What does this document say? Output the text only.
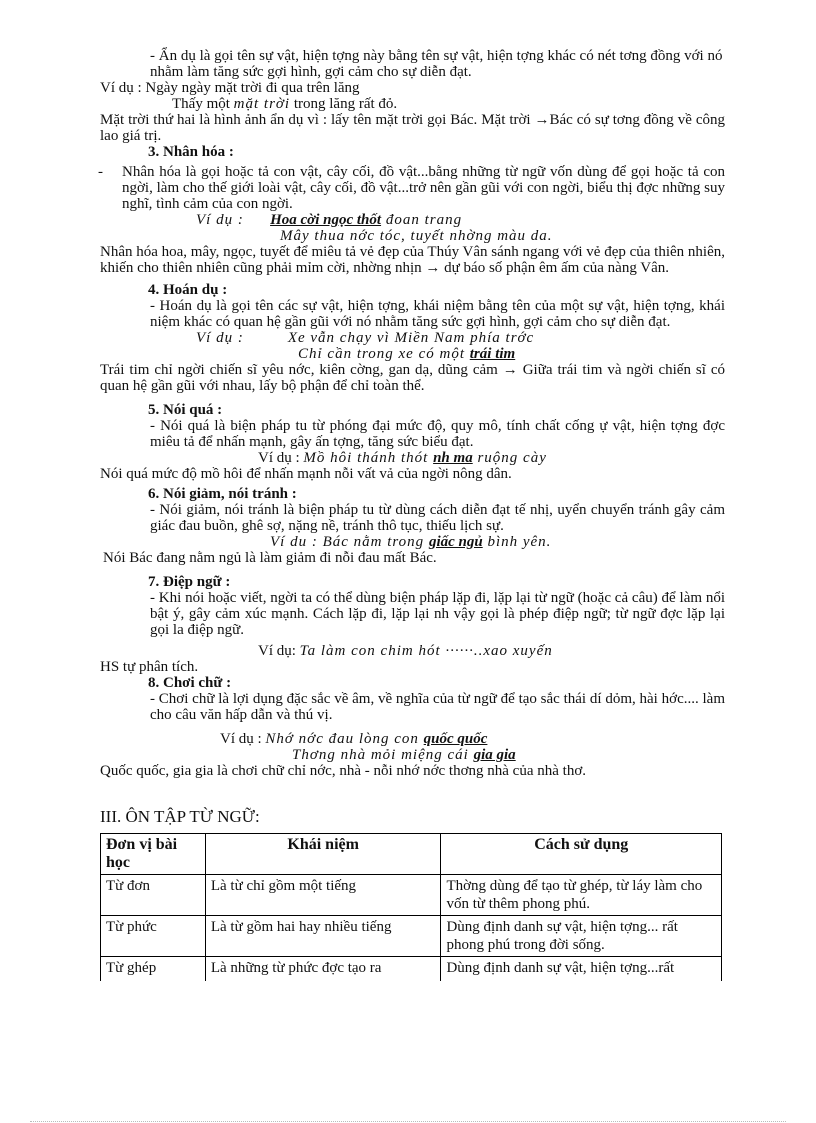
- Ẩn dụ là gọi tên sự vật, hiện tợng này bằng tên sự vật, hiện tợng khác có nét tơng đồng với nó nhằm làm tăng sức gợi hình, gợi cảm cho sự diễn đạt.

Ví dụ : Ngày ngày mặt trời đi qua trên lăng

Thấy một mặt trời trong lăng rất đỏ.

Mặt trời thứ hai là hình ảnh ẩn dụ vì : lấy tên mặt trời gọi Bác. Mặt trời →Bác có sự tơng đồng về công lao giá trị.

3. Nhân hóa :

-	Nhân hóa là gọi hoặc tả con vật, cây cối, đồ vật...bằng những từ ngữ vốn dùng để gọi hoặc tả con ngời, làm cho thế giới loài vật, cây cối, đồ vật...trở nên gần gũi với con ngời, biểu thị đợc những suy nghĩ, tình cảm của con ngời.

Ví dụ : Hoa cời ngọc thốt đoan trang

Mây thua nớc tóc, tuyết nhờng màu da.

Nhân hóa hoa, mây, ngọc, tuyết để miêu tả vẻ đẹp của Thúy Vân sánh ngang với vẻ đẹp của thiên nhiên, khiến cho thiên nhiên cũng phải mỉm cời, nhờng nhịn → dự báo số phận êm ấm của nàng Vân.

4. Hoán dụ :

- Hoán dụ là gọi tên các sự vật, hiện tợng, khái niệm bằng tên của một sự vật, hiện tợng, khái niệm khác có quan hệ gần gũi với nó nhằm tăng sức gợi hình, gợi cảm cho sự diễn đạt.

Ví dụ :	Xe vẫn chạy vì Miền Nam phía trớc

Chỉ cần trong xe có một trái tim

Trái tim chỉ ngời chiến sĩ yêu nớc, kiên cờng, gan dạ, dũng cảm → Giữa trái tim và ngời chiến sĩ có quan hệ gần gũi với nhau, lấy bộ phận để chỉ toàn thể.

5. Nói quá :

- Nói quá là biện pháp tu từ phóng đại mức độ, quy mô, tính chất cống ự vật, hiện tợng đợc miêu tả để nhấn mạnh, gây ấn tợng, tăng sức biểu đạt.

Ví dụ : Mồ hôi thánh thót nh ma ruộng cày

Nói quá mức độ mồ hôi để nhấn mạnh nỗi vất vả của ngời nông dân.

6. Nói giảm, nói tránh :

- Nói giảm, nói tránh là biện pháp tu từ dùng cách diễn đạt tế nhị, uyển chuyển tránh gây cảm giác đau buồn, ghê sợ, nặng nề, tránh thô tục, thiếu lịch sự.

Ví du : Bác nằm trong giấc ngủ bình yên.

Nói Bác đang nằm ngủ là làm giảm đi nỗi đau mất Bác.

7. Điệp ngữ :

- Khi nói hoặc viết, ngời ta có thể dùng biện pháp lặp đi, lặp lại từ ngữ (hoặc cả câu) để làm nổi bật ý, gây cảm xúc mạnh. Cách lặp đi, lặp lại nh vậy gọi là phép điệp ngữ; từ ngữ đợc lặp lại gọi la điệp ngữ.

Ví dụ: Ta làm con chim hót ······..xao xuyến

HS tự phân tích.

8. Chơi chữ :

- Chơi chữ là lợi dụng đặc sắc về âm, về nghĩa của từ ngữ để tạo sắc thái dí dỏm, hài hớc.... làm cho câu văn hấp dẫn và thú vị.

Ví dụ : Nhớ nớc đau lòng con quốc quốc

Thơng nhà mỏi miệng cái gia gia

Quốc quốc, gia gia là chơi chữ chỉ nớc, nhà - nỗi nhớ nớc thơng nhà của nhà thơ.

III. ÔN TẬP TỪ NGỮ:

Đơn vị bài học	Khái niệm	Cách sử dụng
Từ đơn	Là từ chỉ gồm một tiếng	Thờng dùng để tạo từ ghép, từ láy làm cho vốn từ thêm phong phú.
Từ phức	Là từ gồm hai hay nhiều tiếng	Dùng định danh sự vật, hiện tợng... rất phong phú trong đời sống.
Từ ghép	Là những từ phức đợc tạo ra	Dùng định danh sự vật, hiện tợng...rất
